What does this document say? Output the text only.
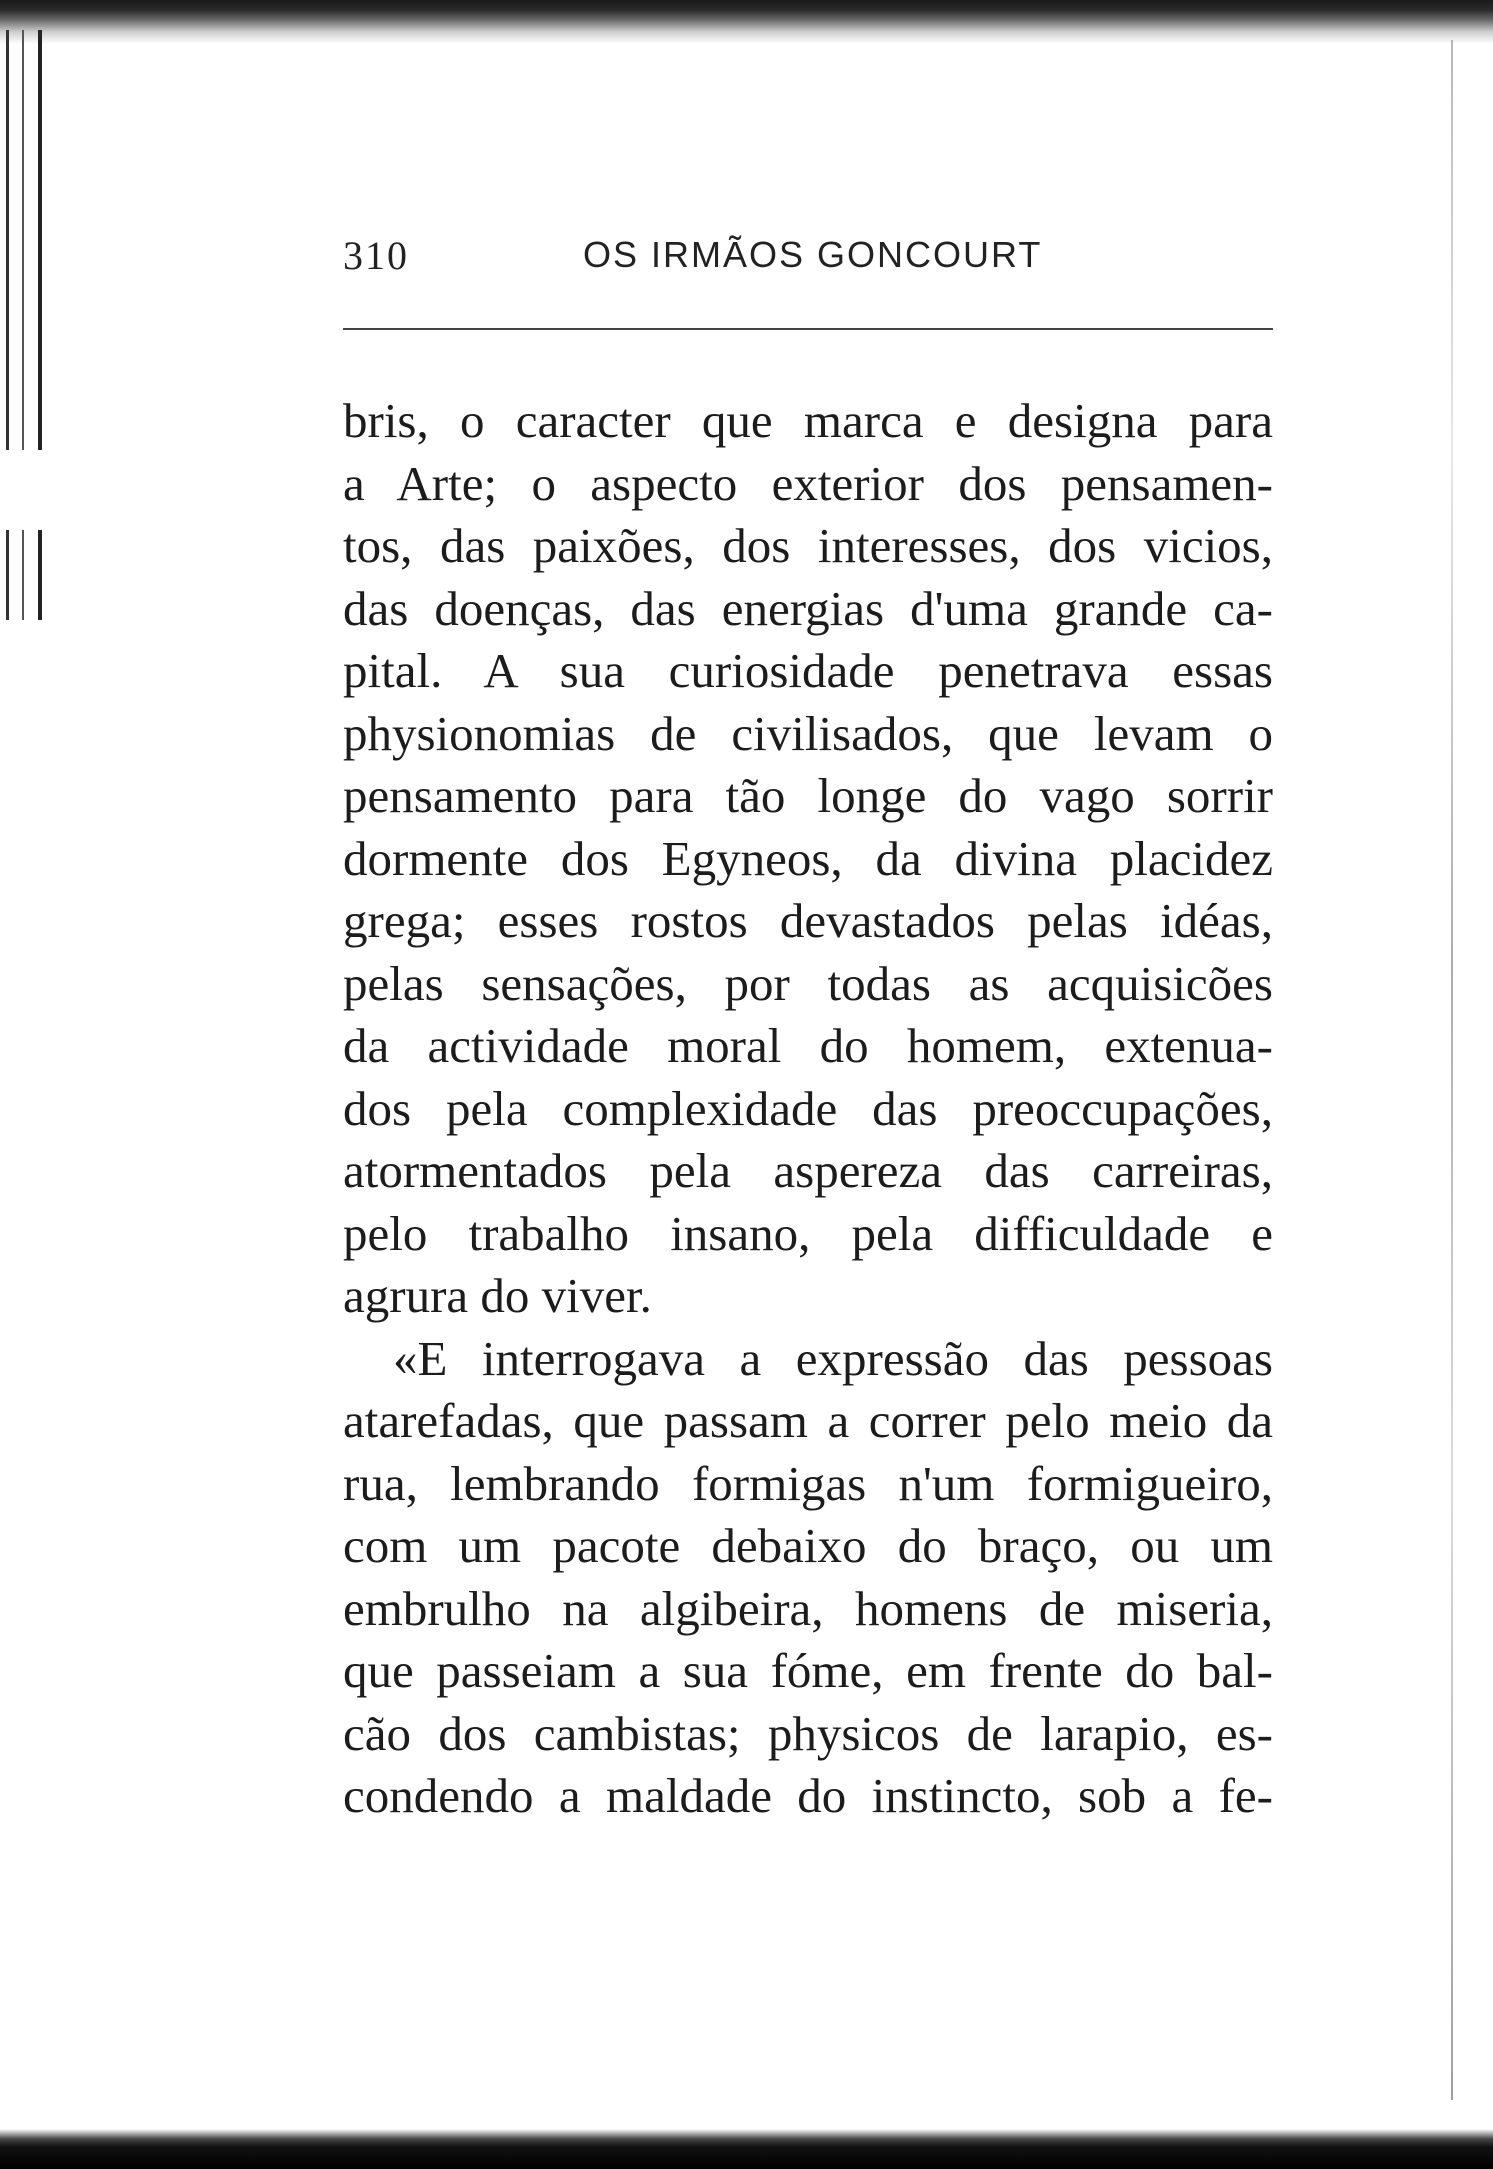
310	OS IRMÃOS GONCOURT
bris, o caracter que marca e designa para
a Arte; o aspecto exterior dos pensamen-
tos, das paixões, dos interesses, dos vicios,
das doenças, das energias d'uma grande ca-
pital. A sua curiosidade penetrava essas
physionomias de civilisados, que levam o
pensamento para tão longe do vago sorrir
dormente dos Egyneos, da divina placidez
grega; esses rostos devastados pelas idéas,
pelas sensações, por todas as acquisicões
da actividade moral do homem, extenua-
dos pela complexidade das preoccupações,
atormentados pela aspereza das carreiras,
pelo trabalho insano, pela difficuldade e
agrura do viver.
«E interrogava a expressão das pessoas
atarefadas, que passam a correr pelo meio da
rua, lembrando formigas n'um formigueiro,
com um pacote debaixo do braço, ou um
embrulho na algibeira, homens de miseria,
que passeiam a sua fóme, em frente do bal-
cão dos cambistas; physicos de larapio, es-
condendo a maldade do instincto, sob a fe-
